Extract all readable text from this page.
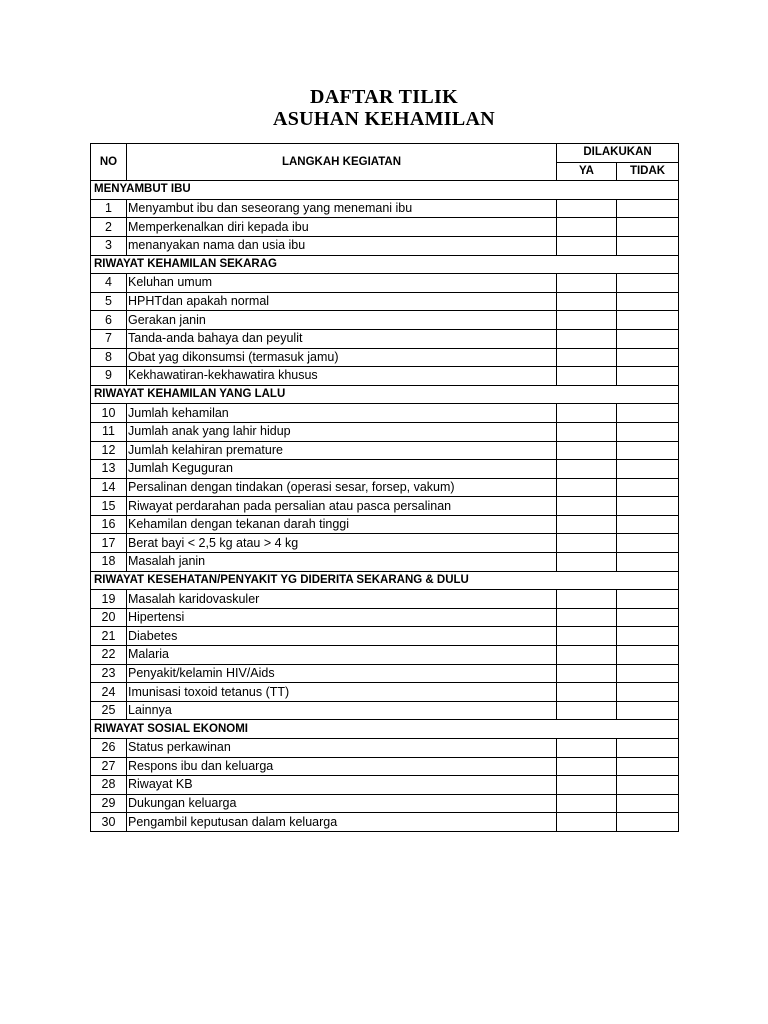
DAFTAR TILIK
ASUHAN KEHAMILAN
NO	LANGKAH KEGIATAN	DILAKUKAN	
		YA	TIDAK
MENYAMBUT IBU			
1	Menyambut ibu dan seseorang yang menemani ibu		
2	Memperkenalkan diri kepada ibu		
3	menanyakan nama dan usia ibu		
RIWAYAT KEHAMILAN SEKARAG			
4	Keluhan umum		
5	HPHTdan apakah normal		
6	Gerakan janin		
7	Tanda-anda bahaya dan peyulit		
8	Obat yag dikonsumsi (termasuk jamu)		
9	Kekhawatiran-kekhawatira khusus		
RIWAYAT KEHAMILAN YANG LALU			
10	Jumlah kehamilan		
11	Jumlah anak yang lahir hidup		
12	Jumlah kelahiran premature		
13	Jumlah Keguguran		
14	Persalinan dengan tindakan (operasi sesar, forsep, vakum)		
15	Riwayat perdarahan pada persalian atau pasca persalinan		
16	Kehamilan dengan tekanan darah tinggi		
17	Berat bayi < 2,5 kg atau > 4 kg		
18	Masalah janin		
RIWAYAT KESEHATAN/PENYAKIT YG DIDERITA SEKARANG & DULU			
19	Masalah karidovaskuler		
20	Hipertensi		
21	Diabetes		
22	Malaria		
23	Penyakit/kelamin HIV/Aids		
24	Imunisasi toxoid tetanus (TT)		
25	Lainnya		
RIWAYAT SOSIAL EKONOMI			
26	Status perkawinan		
27	Respons ibu dan keluarga		
28	Riwayat KB		
29	Dukungan keluarga		
30	Pengambil keputusan dalam keluarga		
